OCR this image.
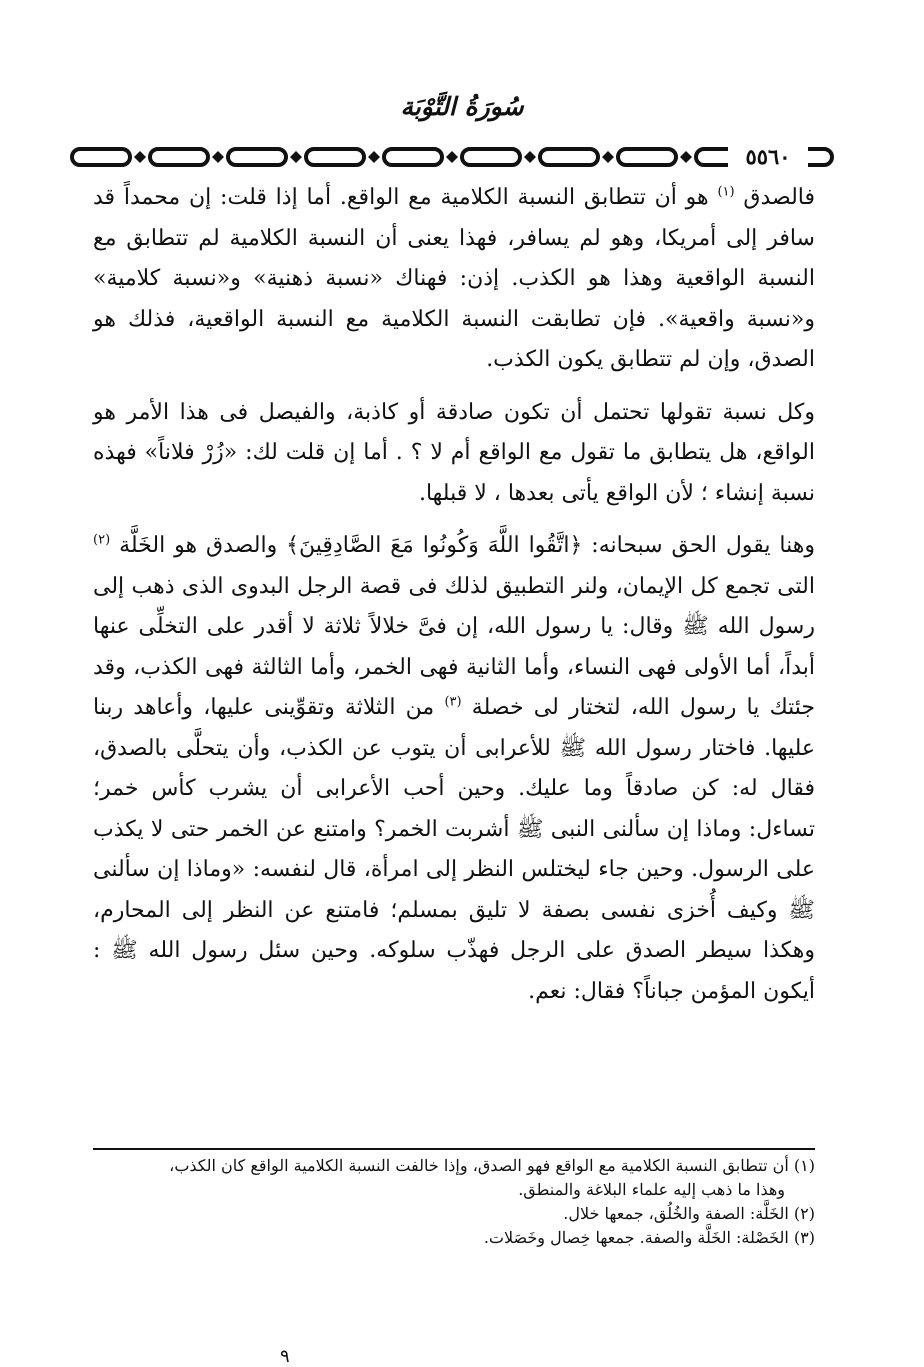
سُورَةُ التَّوْبَة
٥٥٦٠

فالصدق $^{(١)}$ هو أن تتطابق النسبة الكلامية مع الواقع. أما إذا قلت: إن محمداً قد سافر إلى أمريكا، وهو لم يسافر، فهذا يعنى أن النسبة الكلامية لم تتطابق مع النسبة الواقعية وهذا هو الكذب. إذن: فهناك «نسبة ذهنية» و«نسبة كلامية» و«نسبة واقعية». فإن تطابقت النسبة الكلامية مع النسبة الواقعية، فذلك هو الصدق، وإن لم تتطابق يكون الكذب.

وكل نسبة تقولها تحتمل أن تكون صادقة أو كاذبة، والفيصل فى هذا الأمر هو الواقع، هل يتطابق ما تقول مع الواقع أم لا ؟ . أما إن قلت لك: «زُرْ فلاناً» فهذه نسبة إنشاء ؛ لأن الواقع يأتى بعدها ، لا قبلها.

وهنا يقول الحق سبحانه: ﴿اتَّقُوا اللَّهَ وَكُونُوا مَعَ الصَّادِقِينَ﴾ والصدق هو الخَلَّة $^{(٢)}$ التى تجمع كل الإيمان، ولنر التطبيق لذلك فى قصة الرجل البدوى الذى ذهب إلى رسول الله ﷺ وقال: يا رسول الله، إن فىَّ خلالاً ثلاثة لا أقدر على التخلِّى عنها أبداً، أما الأولى فهى النساء، وأما الثانية فهى الخمر، وأما الثالثة فهى الكذب، وقد جئتك يا رسول الله، لتختار لى خصلة $^{(٣)}$ من الثلاثة وتقوِّينى عليها، وأعاهد ربنا عليها. فاختار رسول الله ﷺ للأعرابى أن يتوب عن الكذب، وأن يتحلَّى بالصدق، فقال له: كن صادقاً وما عليك. وحين أحب الأعرابى أن يشرب كأس خمر؛ تساءل: وماذا إن سألنى النبى ﷺ أشربت الخمر؟ وامتنع عن الخمر حتى لا يكذب على الرسول. وحين جاء ليختلس النظر إلى امرأة، قال لنفسه: «وماذا إن سألنى ﷺ وكيف أُخزى نفسى بصفة لا تليق بمسلم؛ فامتنع عن النظر إلى المحارم، وهكذا سيطر الصدق على الرجل فهذّب سلوكه. وحين سئل رسول الله ﷺ : أيكون المؤمن جباناً؟ فقال: نعم.

(١) أن تتطابق النسبة الكلامية مع الواقع فهو الصدق، وإذا خالفت النسبة الكلامية الواقع كان الكذب،

وهذا ما ذهب إليه علماء البلاغة والمنطق.

(٢) الخَلَّة: الصفة والخُلُق، جمعها خلال.

(٣) الخَصْلة: الخَلَّة والصفة. جمعها خِصال وخَصَلات.

٩
